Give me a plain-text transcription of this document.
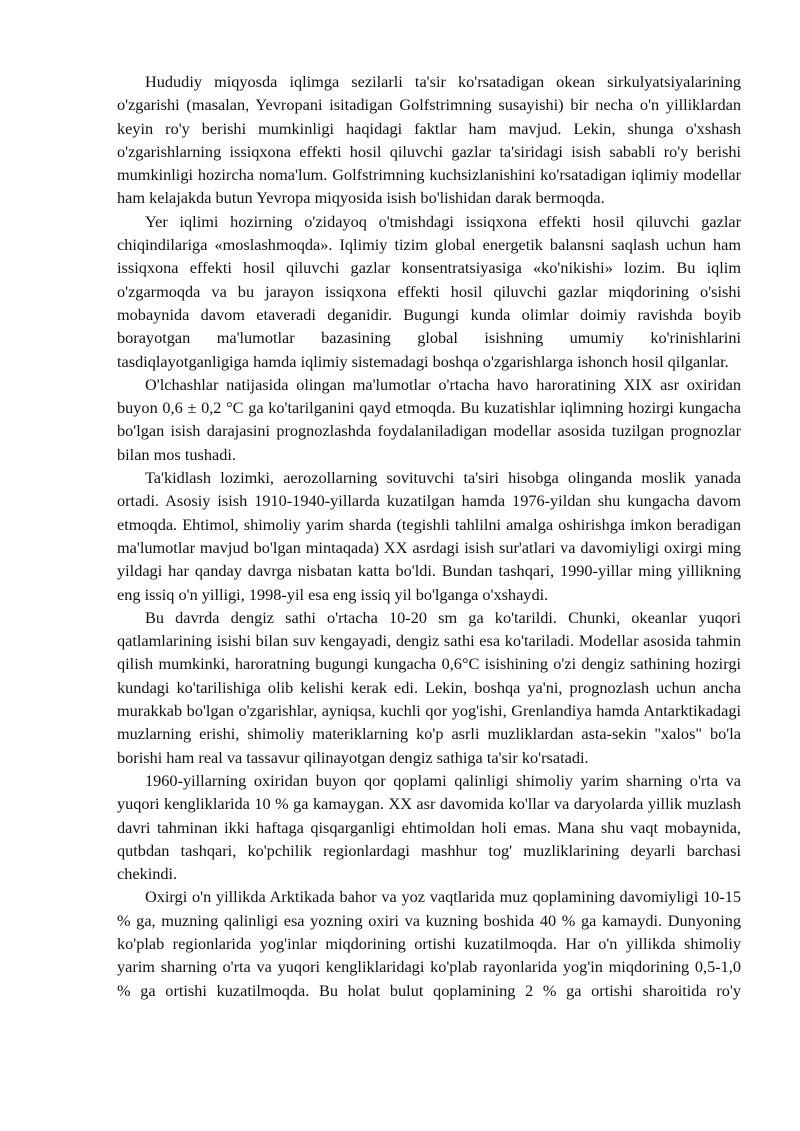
Hududiy miqyosda iqlimga sezilarli ta'sir ko'rsatadigan okean sirkulyatsiyalarining o'zgarishi (masalan, Yevropani isitadigan Golfstrimning susayishi) bir necha o'n yilliklardan keyin ro'y berishi mumkinligi haqidagi faktlar ham mavjud. Lekin, shunga o'xshash o'zgarishlarning issiqxona effekti hosil qiluvchi gazlar ta'siridagi isish sababli ro'y berishi mumkinligi hozircha noma'lum. Golfstrimning kuchsizlanishini ko'rsatadigan iqlimiy modellar ham kelajakda butun Yevropa miqyosida isish bo'lishidan darak bermoqda.

Yer iqlimi hozirning o'zidayoq o'tmishdagi issiqxona effekti hosil qiluvchi gazlar chiqindilariga «moslashmoqda». Iqlimiy tizim global energetik balansni saqlash uchun ham issiqxona effekti hosil qiluvchi gazlar konsentratsiyasiga «ko'nikishi» lozim. Bu iqlim o'zgarmoqda va bu jarayon issiqxona effekti hosil qiluvchi gazlar miqdorining o'sishi mobaynida davom etaveradi deganidir. Bugungi kunda olimlar doimiy ravishda boyib borayotgan ma'lumotlar bazasining global isishning umumiy ko'rinishlarini tasdiqlayotganligiga hamda iqlimiy sistemadagi boshqa o'zgarishlarga ishonch hosil qilganlar.

O'lchashlar natijasida olingan ma'lumotlar o'rtacha havo haroratining XIX asr oxiridan buyon 0,6 ± 0,2 °C ga ko'tarilganini qayd etmoqda. Bu kuzatishlar iqlimning hozirgi kungacha bo'lgan isish darajasini prognozlashda foydalaniladigan modellar asosida tuzilgan prognozlar bilan mos tushadi.

Ta'kidlash lozimki, aerozollarning sovituvchi ta'siri hisobga olinganda moslik yanada ortadi. Asosiy isish 1910-1940-yillarda kuzatilgan hamda 1976-yildan shu kungacha davom etmoqda. Ehtimol, shimoliy yarim sharda (tegishli tahlilni amalga oshirishga imkon beradigan ma'lumotlar mavjud bo'lgan mintaqada) XX asrdagi isish sur'atlari va davomiyligi oxirgi ming yildagi har qanday davrga nisbatan katta bo'ldi. Bundan tashqari, 1990-yillar ming yillikning eng issiq o'n yilligi, 1998-yil esa eng issiq yil bo'lganga o'xshaydi.

Bu davrda dengiz sathi o'rtacha 10-20 sm ga ko'tarildi. Chunki, okeanlar yuqori qatlamlarining isishi bilan suv kengayadi, dengiz sathi esa ko'tariladi. Modellar asosida tahmin qilish mumkinki, haroratning bugungi kungacha 0,6°C isishining o'zi dengiz sathining hozirgi kundagi ko'tarilishiga olib kelishi kerak edi. Lekin, boshqa ya'ni, prognozlash uchun ancha murakkab bo'lgan o'zgarishlar, ayniqsa, kuchli qor yog'ishi, Grenlandiya hamda Antarktikadagi muzlarning erishi, shimoliy materiklarning ko'p asrli muzliklardan asta-sekin "xalos" bo'la borishi ham real va tassavur qilinayotgan dengiz sathiga ta'sir ko'rsatadi.

1960-yillarning oxiridan buyon qor qoplami qalinligi shimoliy yarim sharning o'rta va yuqori kengliklarida 10 % ga kamaygan. XX asr davomida ko'llar va daryolarda yillik muzlash davri tahminan ikki haftaga qisqarganligi ehtimoldan holi emas. Mana shu vaqt mobaynida, qutbdan tashqari, ko'pchilik regionlardagi mashhur tog' muzliklarining deyarli barchasi chekindi.

Oxirgi o'n yillikda Arktikada bahor va yoz vaqtlarida muz qoplamining davomiyligi 10-15 % ga, muzning qalinligi esa yozning oxiri va kuzning boshida 40 % ga kamaydi. Dunyoning ko'plab regionlarida yog'inlar miqdorining ortishi kuzatilmoqda. Har o'n yillikda shimoliy yarim sharning o'rta va yuqori kengliklaridagi ko'plab rayonlarida yog'in miqdorining 0,5-1,0 % ga ortishi kuzatilmoqda. Bu holat bulut qoplamining 2 % ga ortishi sharoitida ro'y
